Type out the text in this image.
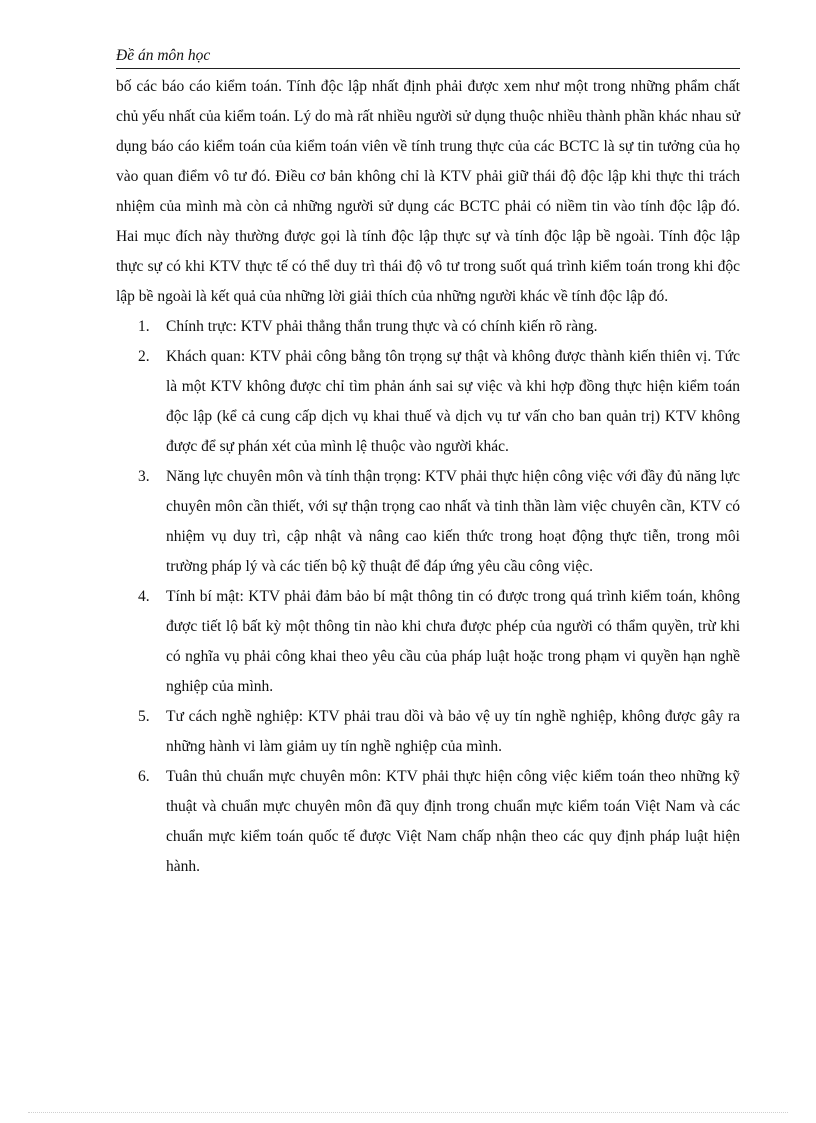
Đề án môn học

bố các báo cáo kiểm toán. Tính độc lập nhất định phải được xem như một trong những phẩm chất chủ yếu nhất của kiểm toán. Lý do mà rất nhiều người sử dụng thuộc nhiều thành phần khác nhau sử dụng báo cáo kiểm toán của kiểm toán viên về tính trung thực của các BCTC là sự tin tưởng của họ vào quan điểm vô tư đó. Điều cơ bản không chỉ là KTV phải giữ thái độ độc lập khi thực thi trách nhiệm của mình mà còn cả những người sử dụng các BCTC phải có niềm tin vào tính độc lập đó. Hai mục đích này thường được gọi là tính độc lập thực sự và tính độc lập bề ngoài. Tính độc lập thực sự có khi KTV thực tế có thể duy trì thái độ vô tư trong suốt quá trình kiểm toán trong khi độc lập bề ngoài là kết quả của những lời giải thích của những người khác về tính độc lập đó.

1. Chính trực: KTV phải thẳng thắn trung thực và có chính kiến rõ ràng.
2. Khách quan: KTV phải công bằng tôn trọng sự thật và không được thành kiến thiên vị. Tức là một KTV không được chỉ tìm phản ánh sai sự việc và khi hợp đồng thực hiện kiểm toán độc lập (kể cả cung cấp dịch vụ khai thuế và dịch vụ tư vấn cho ban quản trị) KTV không được để sự phán xét của mình lệ thuộc vào người khác.
3. Năng lực chuyên môn và tính thận trọng: KTV phải thực hiện công việc với đầy đủ năng lực chuyên môn cần thiết, với sự thận trọng cao nhất và tinh thần làm việc chuyên cần, KTV có nhiệm vụ duy trì, cập nhật và nâng cao kiến thức trong hoạt động thực tiễn, trong môi trường pháp lý và các tiến bộ kỹ thuật để đáp ứng yêu cầu công việc.
4. Tính bí mật: KTV phải đảm bảo bí mật thông tin có được trong quá trình kiểm toán, không được tiết lộ bất kỳ một thông tin nào khi chưa được phép của người có thẩm quyền, trừ khi có nghĩa vụ phải công khai theo yêu cầu của pháp luật hoặc trong phạm vi quyền hạn nghề nghiệp của mình.
5. Tư cách nghề nghiệp: KTV phải trau dồi và bảo vệ uy tín nghề nghiệp, không được gây ra những hành vi làm giảm uy tín nghề nghiệp của mình.
6. Tuân thủ chuẩn mực chuyên môn: KTV phải thực hiện công việc kiểm toán theo những kỹ thuật và chuẩn mực chuyên môn đã quy định trong chuẩn mực kiểm toán Việt Nam và các chuẩn mực kiểm toán quốc tế được Việt Nam chấp nhận theo các quy định pháp luật hiện hành.
